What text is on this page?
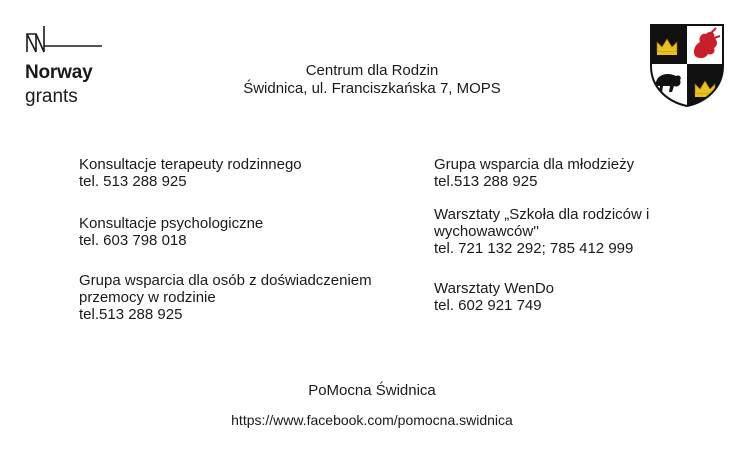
Norway
grants
Centrum dla Rodzin
Świdnica, ul. Franciszkańska 7, MOPS
Konsultacje terapeuty rodzinnego
tel. 513 288 925
Konsultacje psychologiczne
tel. 603 798 018
Grupa wsparcia dla osób z doświadczeniem
przemocy w rodzinie
tel.513 288 925
Grupa wsparcia dla młodzieży
tel.513 288 925
Warsztaty „Szkoła dla rodziców i
wychowawców''
tel. 721 132 292; 785 412 999
Warsztaty WenDo
tel. 602 921 749
PoMocna Świdnica
https://www.facebook.com/pomocna.swidnica
